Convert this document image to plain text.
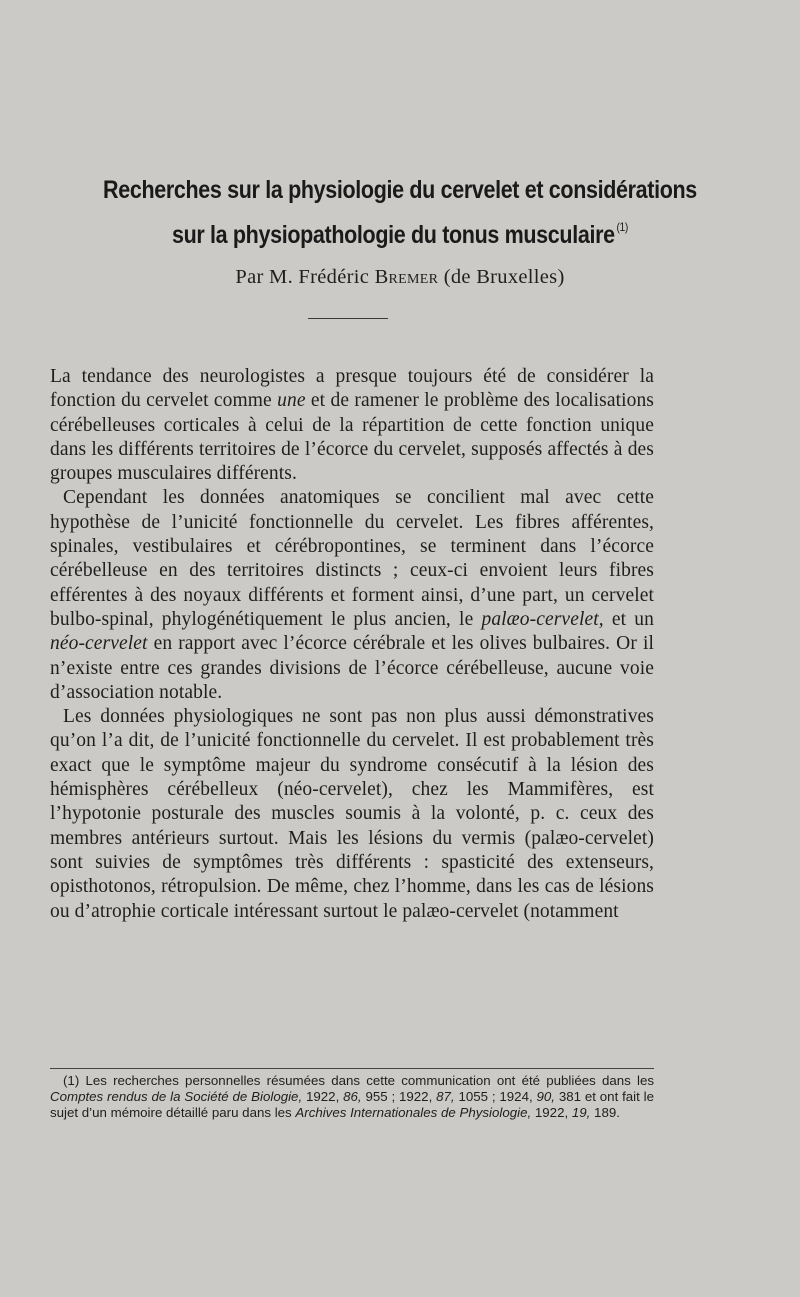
Recherches sur la physiologie du cervelet et considérations
sur la physiopathologie du tonus musculaire $^{(1)}$
Par M. Frédéric Bremer (de Bruxelles)

La tendance des neurologistes a presque toujours été de considérer la fonction du cervelet comme une et de ramener le problème des localisations cérébelleuses corticales à celui de la répartition de cette fonction unique dans les différents territoires de l’écorce du cervelet, supposés affectés à des groupes musculaires différents.

Cependant les données anatomiques se concilient mal avec cette hypothèse de l’unicité fonctionnelle du cervelet. Les fibres afférentes, spinales, vestibulaires et cérébropontines, se terminent dans l’écorce cérébelleuse en des territoires distincts ; ceux-ci envoient leurs fibres efférentes à des noyaux différents et forment ainsi, d’une part, un cervelet bulbo-spinal, phylogénétiquement le plus ancien, le palæo-cervelet, et un néo-cervelet en rapport avec l’écorce cérébrale et les olives bulbaires. Or il n’existe entre ces grandes divisions de l’écorce cérébelleuse, aucune voie d’association notable.

Les données physiologiques ne sont pas non plus aussi démonstratives qu’on l’a dit, de l’unicité fonctionnelle du cervelet. Il est probablement très exact que le symptôme majeur du syndrome consécutif à la lésion des hémisphères cérébelleux (néo-cervelet), chez les Mammifères, est l’hypotonie posturale des muscles soumis à la volonté, p. c. ceux des membres antérieurs surtout. Mais les lésions du vermis (palæo-cervelet) sont suivies de symptômes très différents : spasticité des extenseurs, opisthotonos, rétropulsion. De même, chez l’homme, dans les cas de lésions ou d’atrophie corticale intéressant surtout le palæo-cervelet (notamment

(1) Les recherches personnelles résumées dans cette communication ont été publiées dans les Comptes rendus de la Société de Biologie, 1922, 86, 955 ; 1922, 87, 1055 ; 1924, 90, 381 et ont fait le sujet d’un mémoire détaillé paru dans les Archives Internationales de Physiologie, 1922, 19, 189.
